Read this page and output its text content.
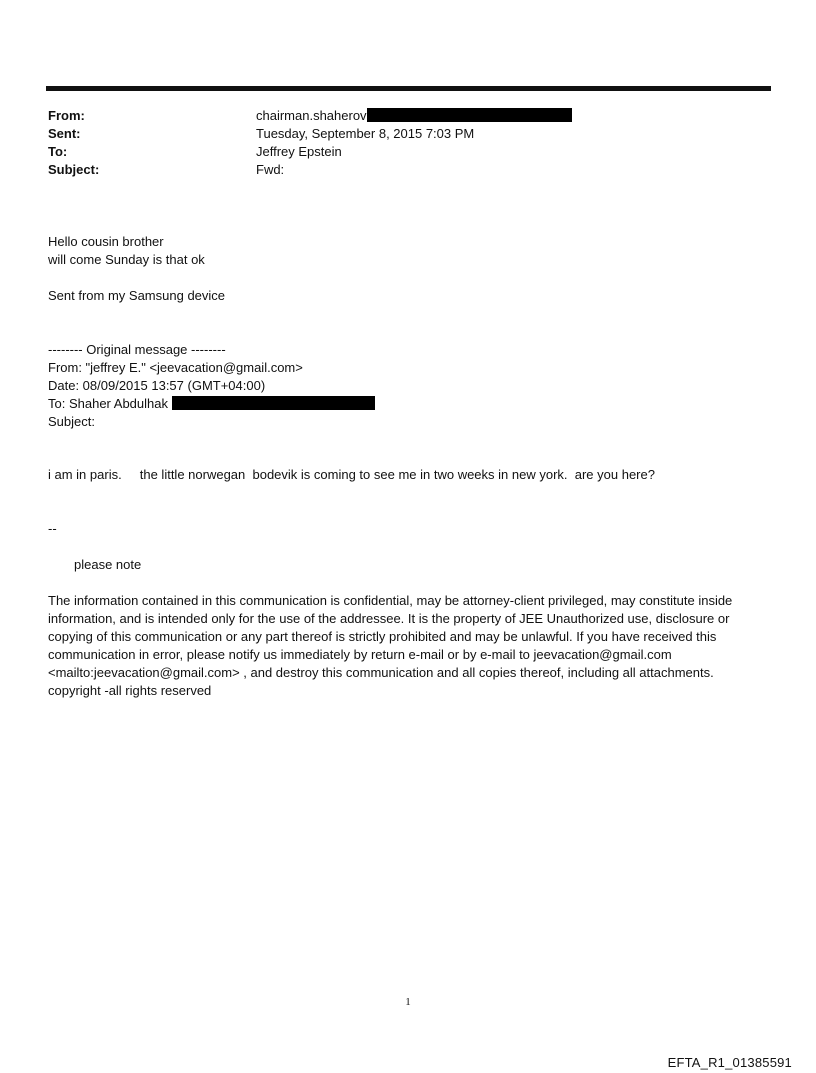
From:	chairman.shaherov
Sent:	Tuesday, September 8, 2015 7:03 PM
To:	Jeffrey Epstein
Subject:	Fwd:
Hello cousin brother
will come Sunday is that ok
Sent from my Samsung device
-------- Original message --------
From: "jeffrey E." <jeevacation@gmail.com>
Date: 08/09/2015 13:57 (GMT+04:00)
To: Shaher Abdulhak
Subject:
i am in paris.     the little norwegan  bodevik is coming to see me in two weeks in new york.  are you here?
--
please note
The information contained in this communication is confidential, may be attorney-client privileged, may constitute inside information, and is intended only for the use of the addressee. It is the property of JEE Unauthorized use, disclosure or copying of this communication or any part thereof is strictly prohibited and may be unlawful. If you have received this communication in error, please notify us immediately by return e-mail or by e-mail to jeevacation@gmail.com <mailto:jeevacation@gmail.com> , and destroy this communication and all copies thereof, including all attachments. copyright -all rights reserved
1
EFTA_R1_01385591
